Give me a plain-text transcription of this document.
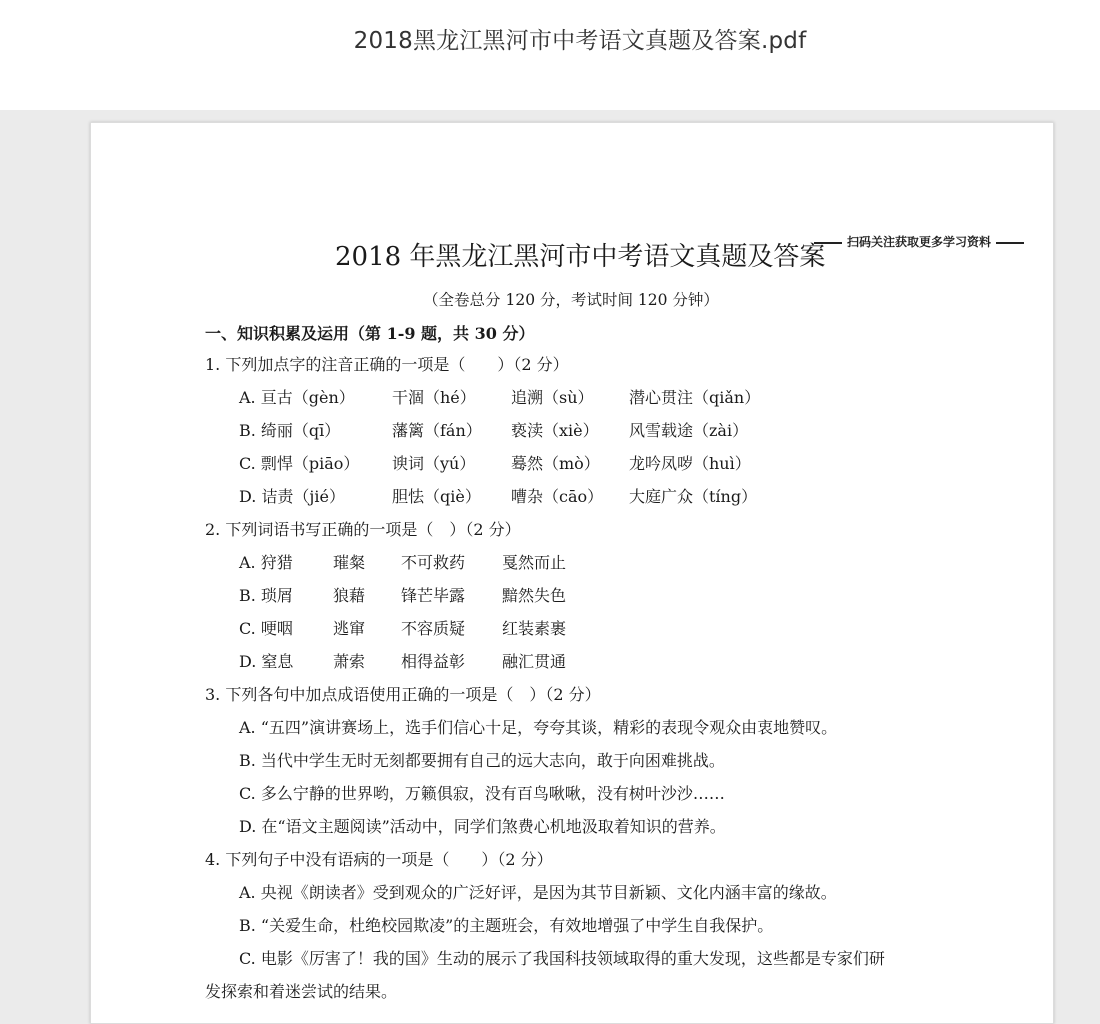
2018黑龙江黑河市中考语文真题及答案.pdf
扫码关注获取更多学习资料
2018 年黑龙江黑河市中考语文真题及答案
（全卷总分 120 分，考试时间 120 分钟）
一、知识积累及运用（第 1-9 题，共 30 分）
1. 下列加点字的注音正确的一项是（　　）（2 分）
A. 亘古（gèn） 干涸（hé） 追溯（sù） 潜心贯注（qiǎn）
B. 绮丽（qī）	藩篱（fán） 亵渎（xiè） 风雪载途（zài）
C. 剽悍（piāo） 谀词（yú） 蓦然（mò） 龙吟凤哕（huì）
D. 诘责（jié）	胆怯（qiè） 嘈杂（cāo） 大庭广众（tíng）
2. 下列词语书写正确的一项是（　）（2 分）
A. 狩猎	璀粲 不可救药 戛然而止
B. 琐屑	狼藉 锋芒毕露 黯然失色
C. 哽咽	逃窜 不容质疑 红装素裹
D. 窒息 萧索 相得益彰 融汇贯通
3. 下列各句中加点成语使用正确的一项是（　）（2 分）
A. “五四”演讲赛场上，选手们信心十足，夸夸其谈，精彩的表现令观众由衷地赞叹。
B. 当代中学生无时无刻都要拥有自己的远大志向，敢于向困难挑战。
C. 多么宁静的世界哟，万籁俱寂，没有百鸟啾啾，没有树叶沙沙……
D. 在“语文主题阅读”活动中，同学们煞费心机地汲取着知识的营养。
4. 下列句子中没有语病的一项是（　　）（2 分）
A. 央视《朗读者》受到观众的广泛好评，是因为其节目新颖、文化内涵丰富的缘故。
B. “关爱生命，杜绝校园欺凌”的主题班会，有效地增强了中学生自我保护。
C. 电影《厉害了！我的国》生动的展示了我国科技领域取得的重大发现，这些都是专家们研
发探索和着迷尝试的结果。
